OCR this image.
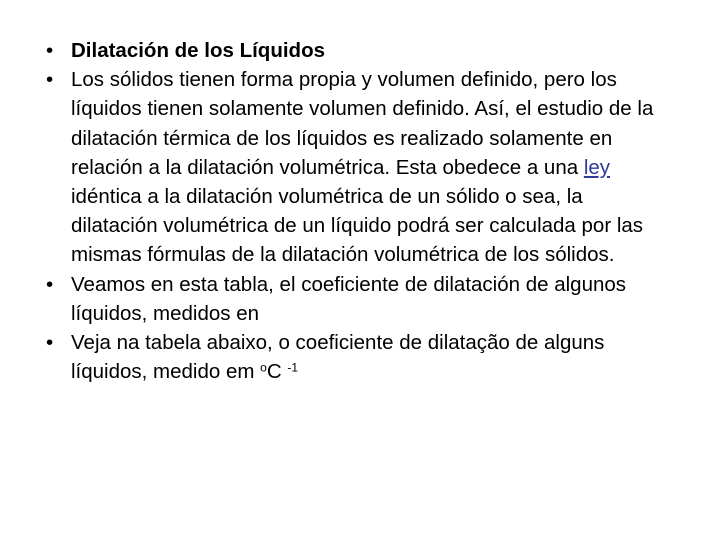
• Dilatación de los Líquidos
• Los sólidos tienen forma propia y volumen definido, pero los líquidos tienen solamente volumen definido. Así, el estudio de la dilatación térmica de los líquidos es realizado solamente en relación a la dilatación volumétrica. Esta obedece a una ley idéntica a la dilatación volumétrica de un sólido o sea, la dilatación volumétrica de un líquido podrá ser calculada por las mismas fórmulas de la dilatación volumétrica de los sólidos.
• Veamos en esta tabla, el coeficiente de dilatación de algunos líquidos, medidos en
• Veja na tabela abaixo, o coeficiente de dilatação de alguns líquidos, medido em $^o$C $^{-1}$
